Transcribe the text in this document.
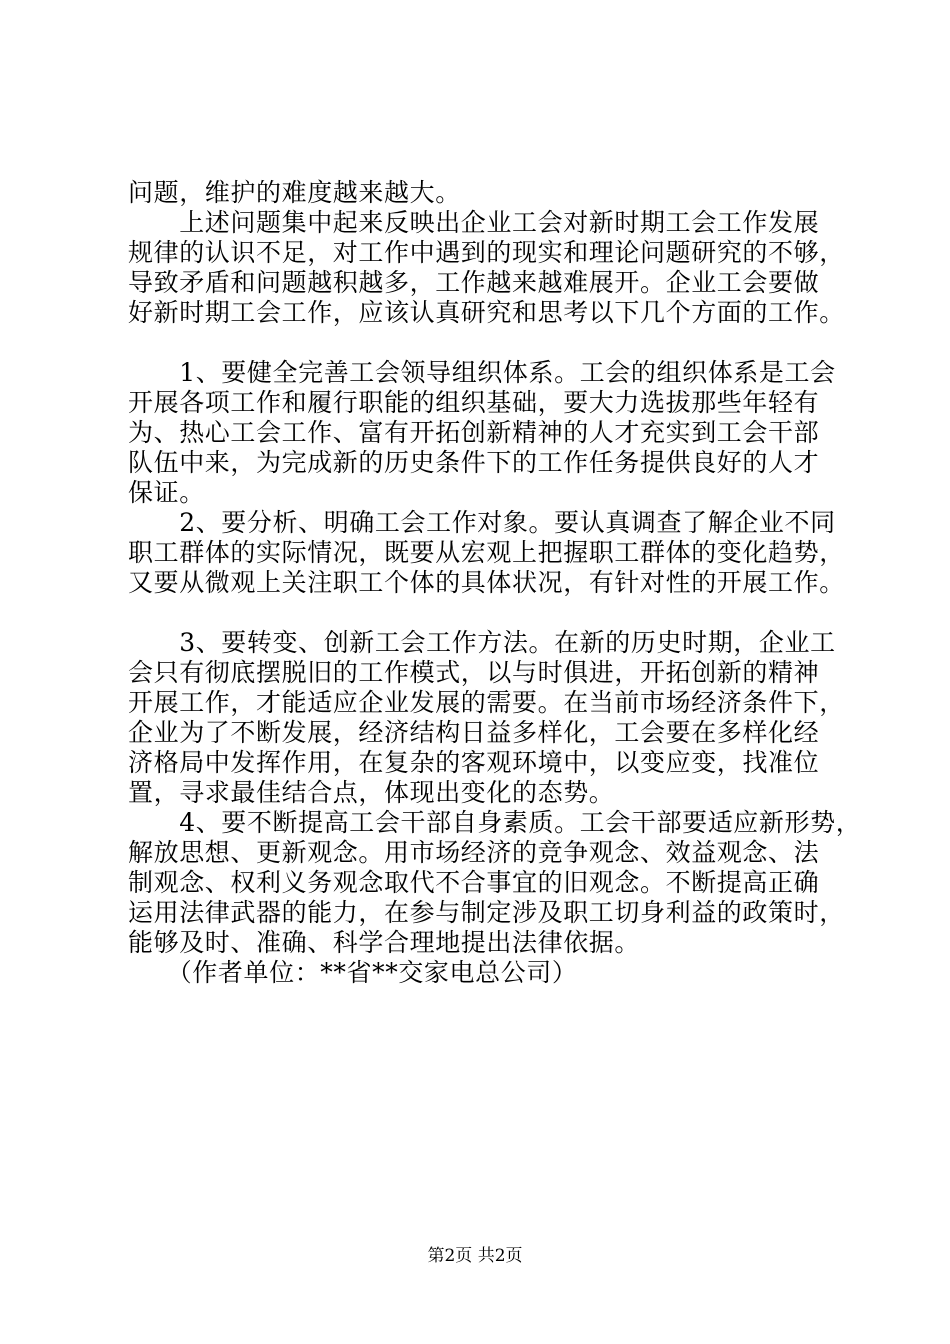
问题，维护的难度越来越大。
　　上述问题集中起来反映出企业工会对新时期工会工作发展
规律的认识不足，对工作中遇到的现实和理论问题研究的不够，
导致矛盾和问题越积越多，工作越来越难展开。企业工会要做
好新时期工会工作，应该认真研究和思考以下几个方面的工作。
　　1、要健全完善工会领导组织体系。工会的组织体系是工会
开展各项工作和履行职能的组织基础，要大力选拔那些年轻有
为、热心工会工作、富有开拓创新精神的人才充实到工会干部
队伍中来，为完成新的历史条件下的工作任务提供良好的人才
保证。
　　2、要分析、明确工会工作对象。要认真调查了解企业不同
职工群体的实际情况，既要从宏观上把握职工群体的变化趋势，
又要从微观上关注职工个体的具体状况，有针对性的开展工作。
　　3、要转变、创新工会工作方法。在新的历史时期，企业工
会只有彻底摆脱旧的工作模式，以与时俱进，开拓创新的精神
开展工作，才能适应企业发展的需要。在当前市场经济条件下，
企业为了不断发展，经济结构日益多样化，工会要在多样化经
济格局中发挥作用，在复杂的客观环境中，以变应变，找准位
置，寻求最佳结合点，体现出变化的态势。
　　4、要不断提高工会干部自身素质。工会干部要适应新形势，
解放思想、更新观念。用市场经济的竞争观念、效益观念、法
制观念、权利义务观念取代不合事宜的旧观念。不断提高正确
运用法律武器的能力，在参与制定涉及职工切身利益的政策时，
能够及时、准确、科学合理地提出法律依据。
　　（作者单位：**省**交家电总公司）
第2页 共2页
